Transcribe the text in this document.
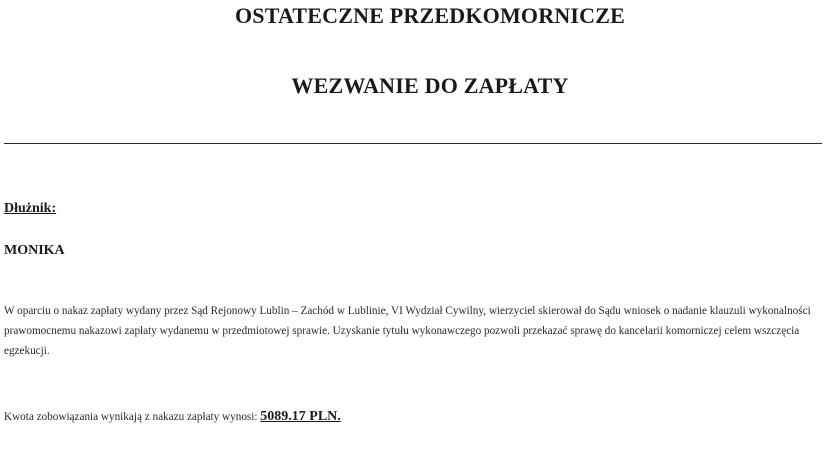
OSTATECZNE PRZEDKOMORNICZE
WEZWANIE DO ZAPŁATY
Dłużnik:
MONIKA
W oparciu o nakaz zapłaty wydany przez Sąd Rejonowy Lublin – Zachód w Lublinie, VI Wydział Cywilny, wierzyciel skierował do Sądu wniosek o nadanie klauzuli wykonalności prawomocnemu nakazowi zapłaty wydanemu w przedmiotowej sprawie. Uzyskanie tytułu wykonawczego pozwoli przekazać sprawę do kancelarii komorniczej celem wszczęcia egzekucji.
Kwota zobowiązania wynikają z nakazu zapłaty wynosi: 5089.17 PLN.
